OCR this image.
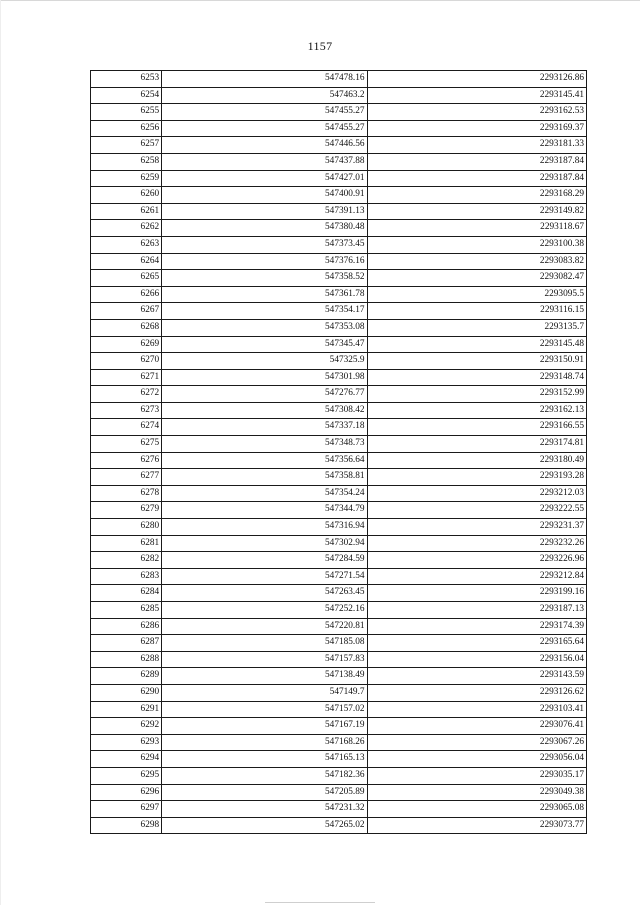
1157
6253	547478.16	2293126.86
6254	547463.2	2293145.41
6255	547455.27	2293162.53
6256	547455.27	2293169.37
6257	547446.56	2293181.33
6258	547437.88	2293187.84
6259	547427.01	2293187.84
6260	547400.91	2293168.29
6261	547391.13	2293149.82
6262	547380.48	2293118.67
6263	547373.45	2293100.38
6264	547376.16	2293083.82
6265	547358.52	2293082.47
6266	547361.78	2293095.5
6267	547354.17	2293116.15
6268	547353.08	2293135.7
6269	547345.47	2293145.48
6270	547325.9	2293150.91
6271	547301.98	2293148.74
6272	547276.77	2293152.99
6273	547308.42	2293162.13
6274	547337.18	2293166.55
6275	547348.73	2293174.81
6276	547356.64	2293180.49
6277	547358.81	2293193.28
6278	547354.24	2293212.03
6279	547344.79	2293222.55
6280	547316.94	2293231.37
6281	547302.94	2293232.26
6282	547284.59	2293226.96
6283	547271.54	2293212.84
6284	547263.45	2293199.16
6285	547252.16	2293187.13
6286	547220.81	2293174.39
6287	547185.08	2293165.64
6288	547157.83	2293156.04
6289	547138.49	2293143.59
6290	547149.7	2293126.62
6291	547157.02	2293103.41
6292	547167.19	2293076.41
6293	547168.26	2293067.26
6294	547165.13	2293056.04
6295	547182.36	2293035.17
6296	547205.89	2293049.38
6297	547231.32	2293065.08
6298	547265.02	2293073.77
